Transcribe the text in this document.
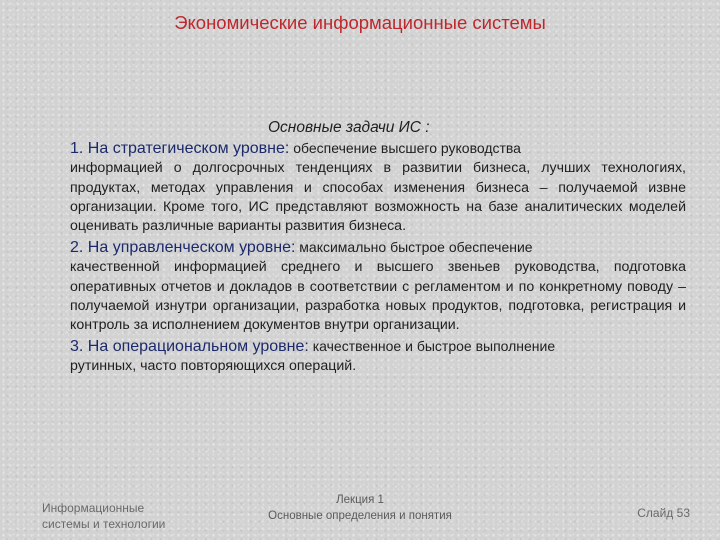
Экономические информационные системы
Основные задачи ИС :
1. На стратегическом уровне: обеспечение высшего руководства
информацией о долгосрочных тенденциях в развитии бизнеса, лучших технологиях, продуктах, методах управления и способах изменения бизнеса – получаемой извне организации. Кроме того, ИС представляют возможность на базе аналитических моделей оценивать различные варианты развития бизнеса.
2. На управленческом уровне: максимально быстрое обеспечение
качественной информацией среднего и высшего звеньев руководства, подготовка оперативных отчетов и докладов в соответствии с регламентом и по конкретному поводу – получаемой изнутри организации, разработка новых продуктов, подготовка, регистрация и контроль за исполнением документов внутри организации.
3. На операциональном уровне: качественное и быстрое выполнение
рутинных, часто повторяющихся операций.
Информационные
системы и технологии
Лекция 1
Основные определения и понятия	Слайд 53
